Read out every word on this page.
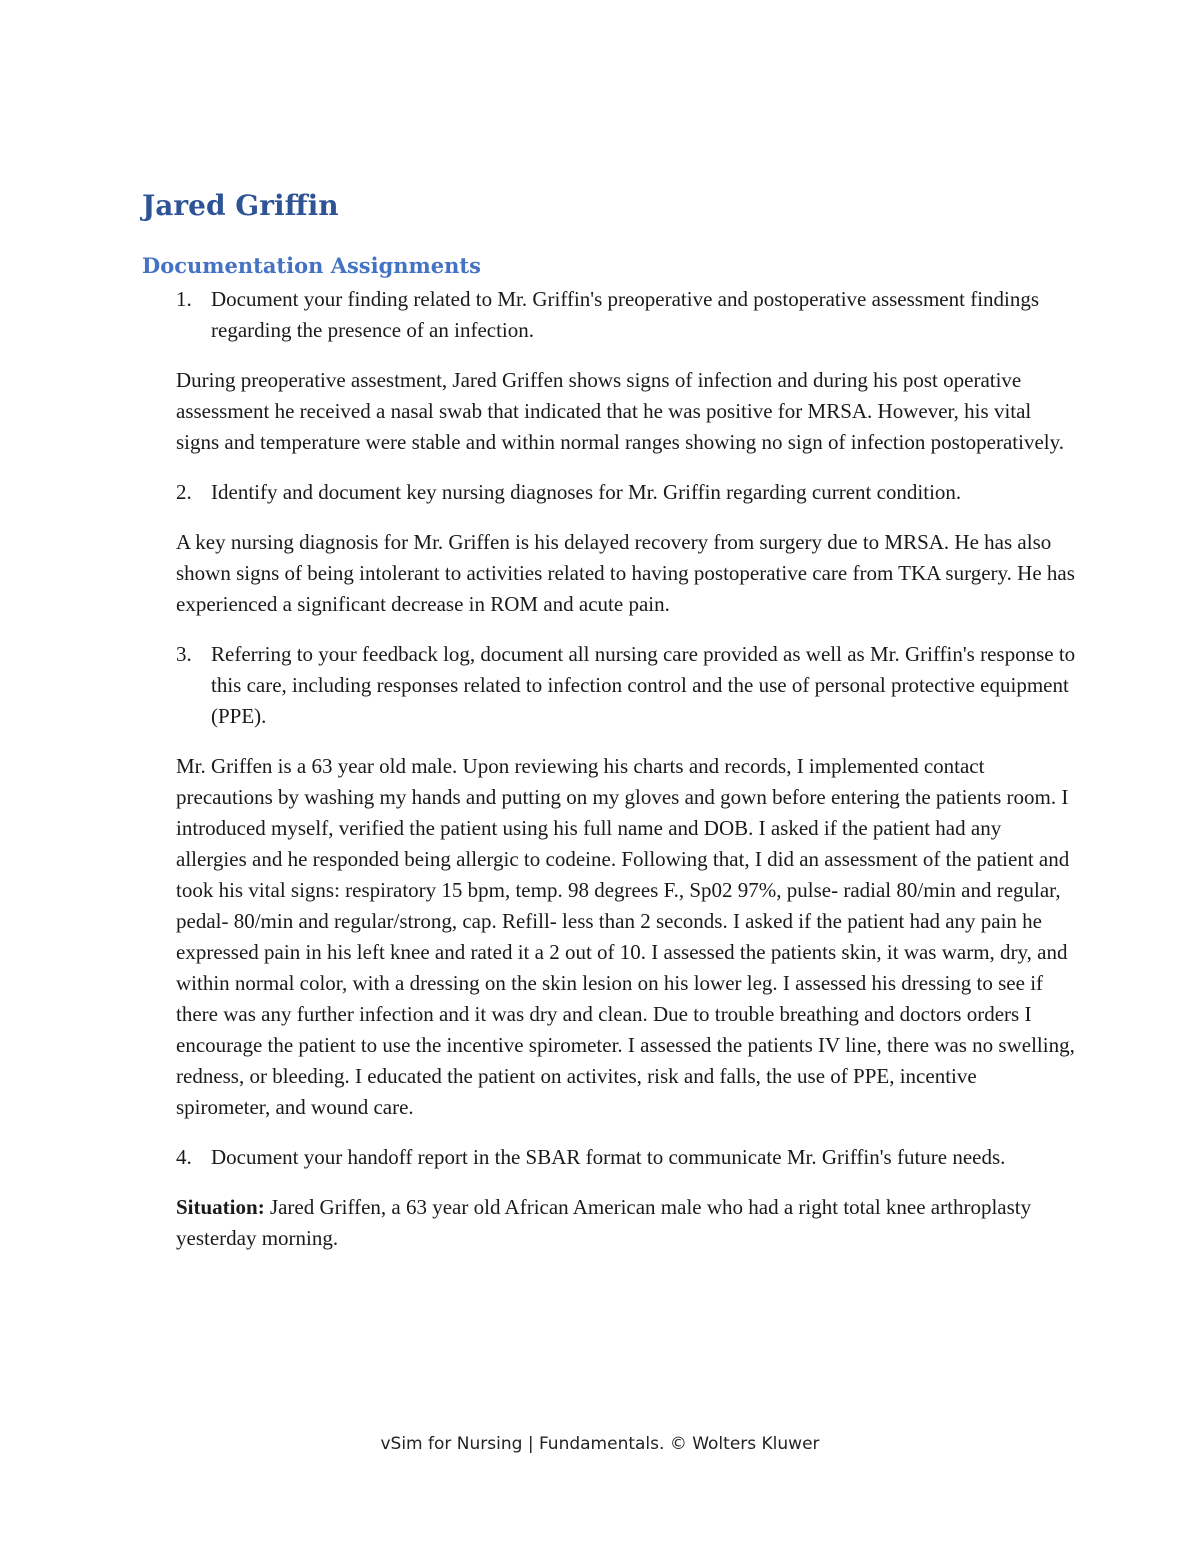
Jared Griffin
Documentation Assignments

1. Document your finding related to Mr. Griffin's preoperative and postoperative assessment findings regarding the presence of an infection.

During preoperative assestment, Jared Griffen shows signs of infection and during his post operative assessment he received a nasal swab that indicated that he was positive for MRSA. However, his vital signs and temperature were stable and within normal ranges showing no sign of infection postoperatively.

2. Identify and document key nursing diagnoses for Mr. Griffin regarding current condition.

A key nursing diagnosis for Mr. Griffen is his delayed recovery from surgery due to MRSA. He has also shown signs of being intolerant to activities related to having postoperative care from TKA surgery. He has experienced a significant decrease in ROM and acute pain.

3. Referring to your feedback log, document all nursing care provided as well as Mr. Griffin's response to this care, including responses related to infection control and the use of personal protective equipment (PPE).

Mr. Griffen is a 63 year old male. Upon reviewing his charts and records, I implemented contact precautions by washing my hands and putting on my gloves and gown before entering the patients room. I introduced myself, verified the patient using his full name and DOB. I asked if the patient had any allergies and he responded being allergic to codeine. Following that, I did an assessment of the patient and took his vital signs: respiratory 15 bpm, temp. 98 degrees F., Sp02 97%, pulse- radial 80/min and regular, pedal- 80/min and regular/strong, cap. Refill- less than 2 seconds. I asked if the patient had any pain he expressed pain in his left knee and rated it a 2 out of 10. I assessed the patients skin, it was warm, dry, and within normal color, with a dressing on the skin lesion on his lower leg. I assessed his dressing to see if there was any further infection and it was dry and clean. Due to trouble breathing and doctors orders I encourage the patient to use the incentive spirometer. I assessed the patients IV line, there was no swelling, redness, or bleeding. I educated the patient on activites, risk and falls, the use of PPE, incentive spirometer, and wound care.

4. Document your handoff report in the SBAR format to communicate Mr. Griffin's future needs.

Situation: Jared Griffen, a 63 year old African American male who had a right total knee arthroplasty yesterday morning.

vSim for Nursing | Fundamentals. © Wolters Kluwer
